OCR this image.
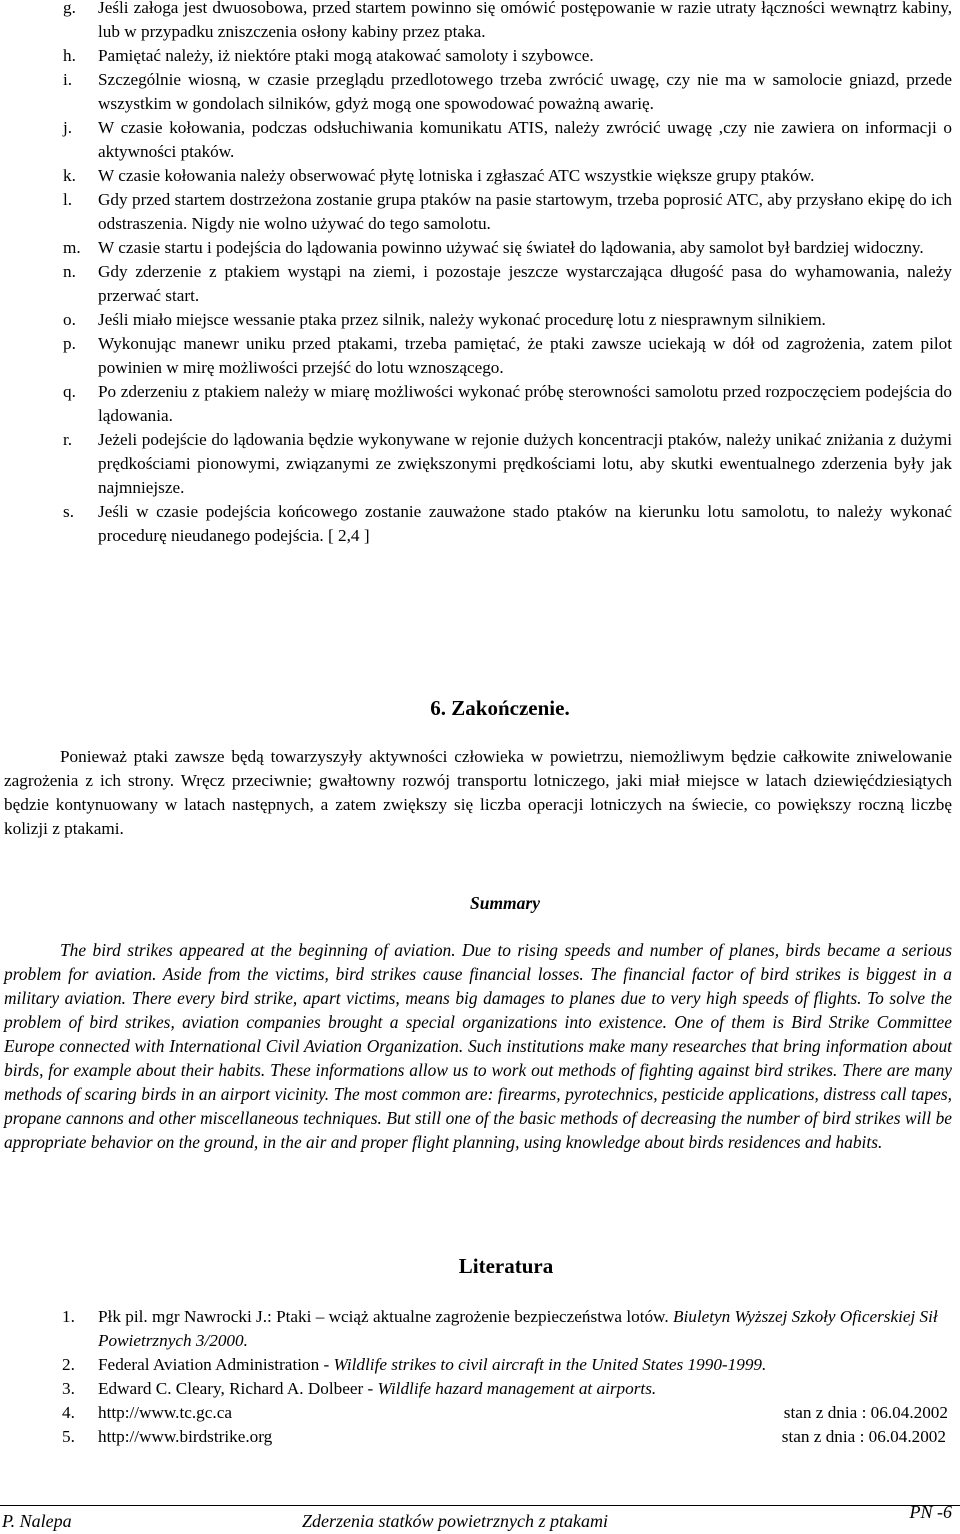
g. Jeśli załoga jest dwuosobowa, przed startem powinno się omówić postępowanie w razie utraty łączności wewnątrz kabiny, lub w przypadku zniszczenia osłony kabiny przez ptaka.
h. Pamiętać należy, iż niektóre ptaki mogą atakować samoloty i szybowce.
i. Szczególnie wiosną, w czasie przeglądu przedlotowego trzeba zwrócić uwagę, czy nie ma w samolocie gniazd, przede wszystkim w gondolach silników, gdyż mogą one spowodować poważną awarię.
j. W czasie kołowania, podczas odsłuchiwania komunikatu ATIS, należy zwrócić uwagę ,czy nie zawiera on informacji o aktywności ptaków.
k. W czasie kołowania należy obserwować płytę lotniska i zgłaszać ATC wszystkie większe grupy ptaków.
l. Gdy przed startem dostrzeżona zostanie grupa ptaków na pasie startowym, trzeba poprosić ATC, aby przysłano ekipę do ich odstraszenia. Nigdy nie wolno używać do tego samolotu.
m. W czasie startu i podejścia do lądowania powinno używać się świateł do lądowania, aby samolot był bardziej widoczny.
n. Gdy zderzenie z ptakiem wystąpi na ziemi, i pozostaje jeszcze wystarczająca długość pasa do wyhamowania, należy przerwać start.
o. Jeśli miało miejsce wessanie ptaka przez silnik, należy wykonać procedurę lotu z niesprawnym silnikiem.
p. Wykonując manewr uniku przed ptakami, trzeba pamiętać, że ptaki zawsze uciekają w dół od zagrożenia, zatem pilot powinien w mirę możliwości przejść do lotu wznoszącego.
q. Po zderzeniu z ptakiem należy w miarę możliwości wykonać próbę sterowności samolotu przed rozpoczęciem podejścia do lądowania.
r. Jeżeli podejście do lądowania będzie wykonywane w rejonie dużych koncentracji ptaków, należy unikać zniżania z dużymi prędkościami pionowymi, związanymi ze zwiększonymi prędkościami lotu, aby skutki ewentualnego zderzenia były jak najmniejsze.
s. Jeśli w czasie podejścia końcowego zostanie zauważone stado ptaków na kierunku lotu samolotu, to należy wykonać procedurę nieudanego podejścia. [ 2,4 ]
6. Zakończenie.
Ponieważ ptaki zawsze będą towarzyszyły aktywności człowieka w powietrzu, niemożliwym będzie całkowite zniwelowanie zagrożenia z ich strony. Wręcz przeciwnie; gwałtowny rozwój transportu lotniczego, jaki miał miejsce w latach dziewięćdziesiątych będzie kontynuowany w latach następnych, a zatem zwiększy się liczba operacji lotniczych na świecie, co powiększy roczną liczbę kolizji z ptakami.
Summary
The bird strikes appeared at the beginning of aviation. Due to rising speeds and number of planes, birds became a serious problem for aviation. Aside from the victims, bird strikes cause financial losses. The financial factor of bird strikes is biggest in a military aviation. There every bird strike, apart victims, means big damages to planes due to very high speeds of flights. To solve the problem of bird strikes, aviation companies brought a special organizations into existence. One of them is Bird Strike Committee Europe connected with International Civil Aviation Organization. Such institutions make many researches that bring information about birds, for example about their habits. These informations allow us to work out methods of fighting against bird strikes. There are many methods of scaring birds in an airport vicinity. The most common are: firearms, pyrotechnics, pesticide applications, distress call tapes, propane cannons and other miscellaneous techniques. But still one of the basic methods of decreasing the number of bird strikes will be appropriate behavior on the ground, in the air and proper flight planning, using knowledge about birds residences and habits.
Literatura
1. Płk pil. mgr Nawrocki J.: Ptaki – wciąż aktualne zagrożenie bezpieczeństwa lotów. Biuletyn Wyższej Szkoły Oficerskiej Sił Powietrznych 3/2000.
2. Federal Aviation Administration - Wildlife strikes to civil aircraft in the United States 1990-1999.
3. Edward C. Cleary, Richard A. Dolbeer - Wildlife hazard management at airports.
4. http://www.tc.gc.ca	stan z dnia : 06.04.2002
5. http://www.birdstrike.org	stan z dnia : 06.04.2002
P. Nalepa	Zderzenia statków powietrznych z ptakami	PN -6
